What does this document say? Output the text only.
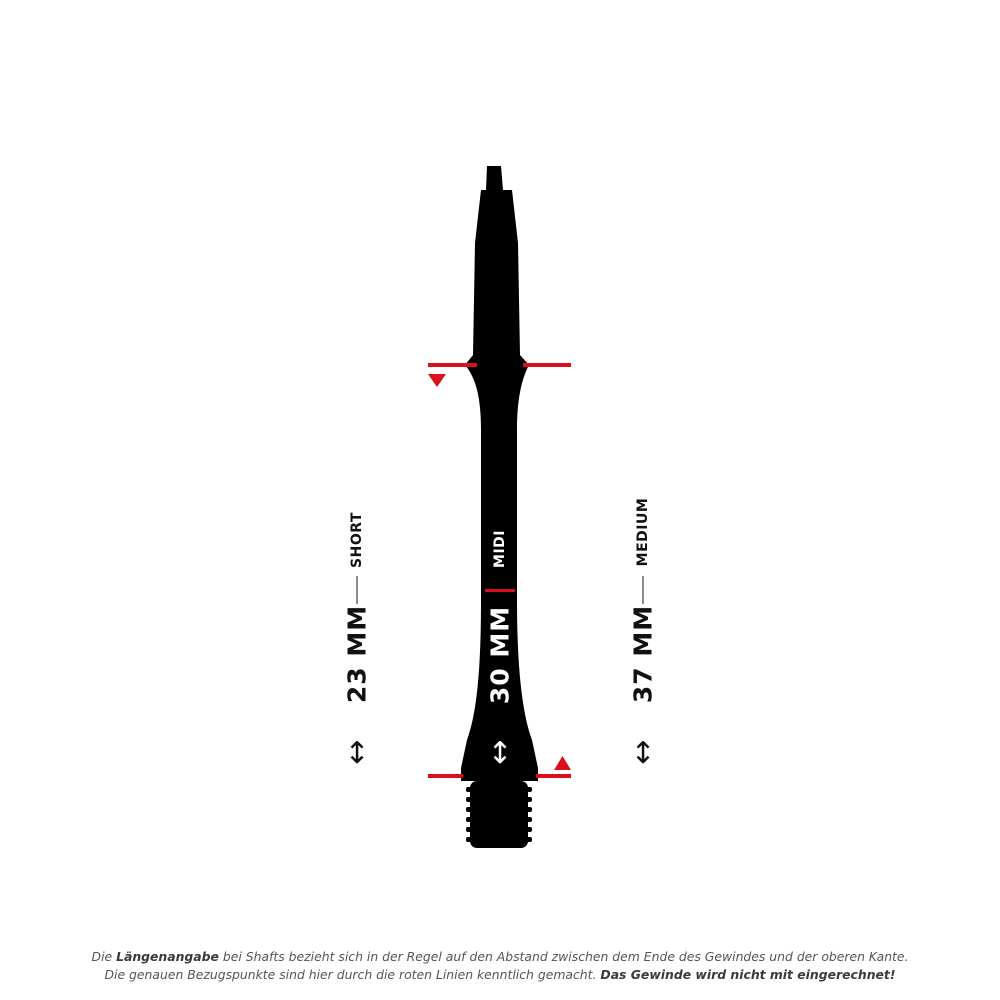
SHORT
23 MM
↕
MIDI
30 MM
↕
MEDIUM
37 MM
↕
Die Längenangabe bei Shafts bezieht sich in der Regel auf den Abstand zwischen dem Ende des Gewindes und der oberen Kante.
Die genauen Bezugspunkte sind hier durch die roten Linien kenntlich gemacht. Das Gewinde wird nicht mit eingerechnet!
